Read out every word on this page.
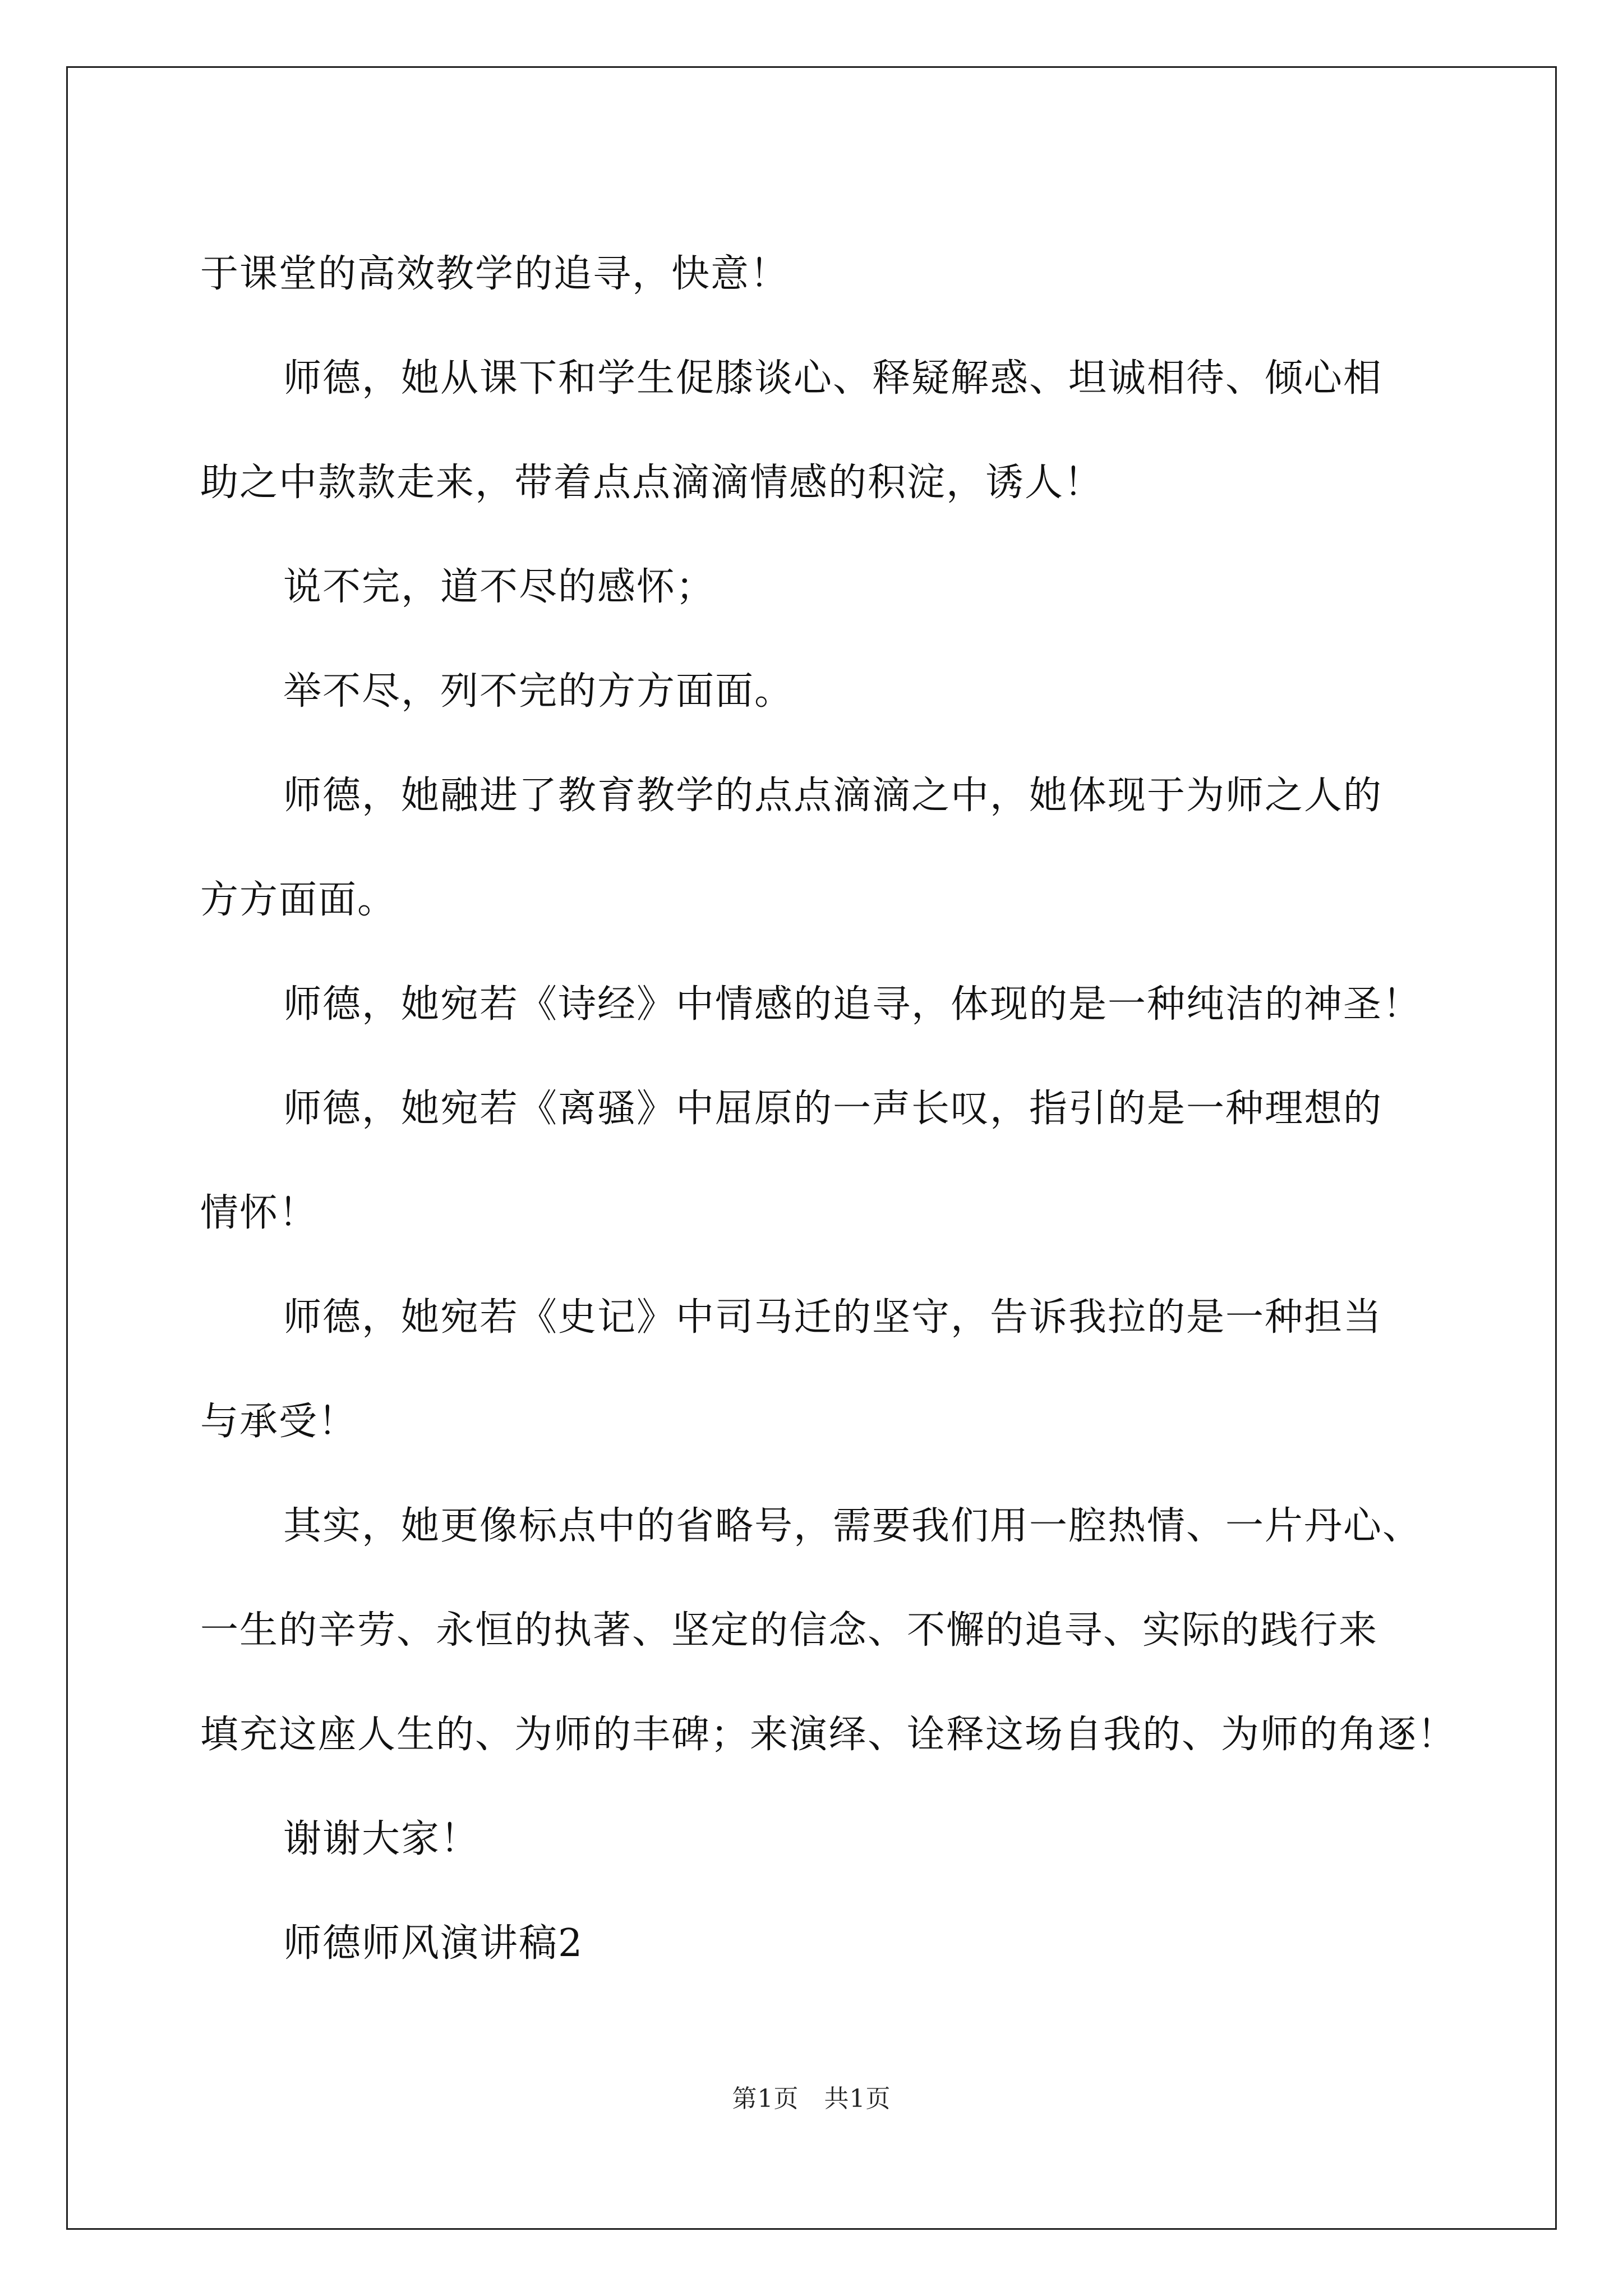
于课堂的高效教学的追寻，快意！

师德，她从课下和学生促膝谈心、释疑解惑、坦诚相待、倾心相

助之中款款走来，带着点点滴滴情感的积淀，诱人！

说不完，道不尽的感怀；

举不尽，列不完的方方面面。

师德，她融进了教育教学的点点滴滴之中，她体现于为师之人的

方方面面。

师德，她宛若《诗经》中情感的追寻，体现的是一种纯洁的神圣！

师德，她宛若《离骚》中屈原的一声长叹，指引的是一种理想的

情怀！

师德，她宛若《史记》中司马迁的坚守，告诉我拉的是一种担当

与承受！

其实，她更像标点中的省略号，需要我们用一腔热情、一片丹心、

一生的辛劳、永恒的执著、坚定的信念、不懈的追寻、实际的践行来

填充这座人生的、为师的丰碑；来演绎、诠释这场自我的、为师的角逐！

谢谢大家！

师德师风演讲稿2

第1页　共1页
